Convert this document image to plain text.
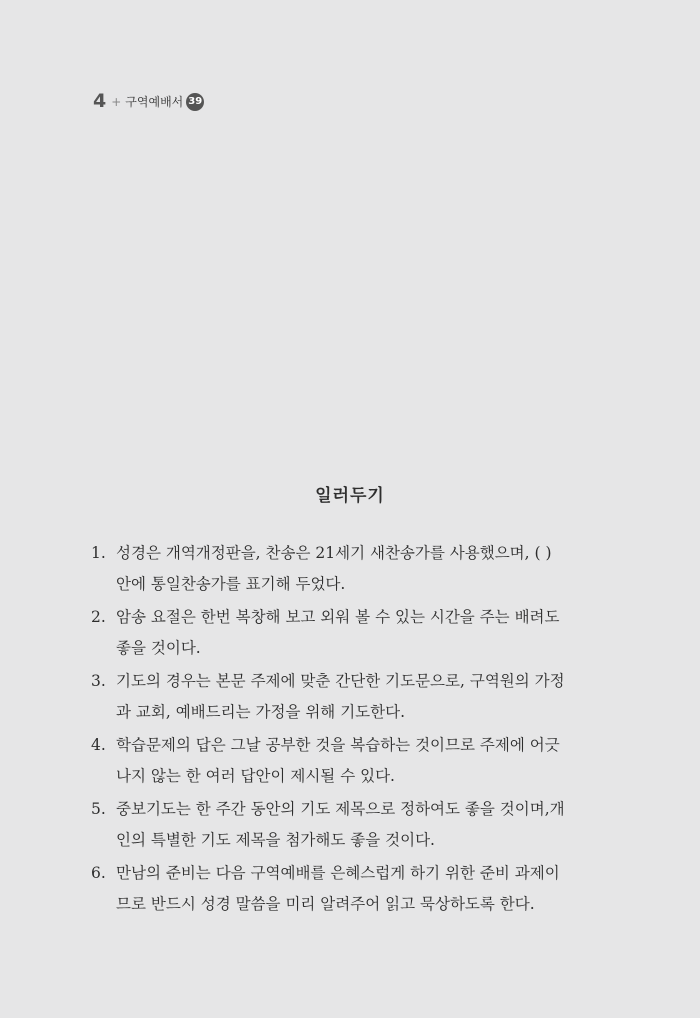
4 + 구역예배서 39
일러두기
1. 성경은 개역개정판을, 찬송은 21세기 새찬송가를 사용했으며, ( )
안에 통일찬송가를 표기해 두었다.
2. 암송 요절은 한번 복창해 보고 외워 볼 수 있는 시간을 주는 배려도
좋을 것이다.
3. 기도의 경우는 본문 주제에 맞춘 간단한 기도문으로, 구역원의 가정
과 교회, 예배드리는 가정을 위해 기도한다.
4. 학습문제의 답은 그날 공부한 것을 복습하는 것이므로 주제에 어긋
나지 않는 한 여러 답안이 제시될 수 있다.
5. 중보기도는 한 주간 동안의 기도 제목으로 정하여도 좋을 것이며,개
인의 특별한 기도 제목을 첨가해도 좋을 것이다.
6. 만남의 준비는 다음 구역예배를 은혜스럽게 하기 위한 준비 과제이
므로 반드시 성경 말씀을 미리 알려주어 읽고 묵상하도록 한다.
